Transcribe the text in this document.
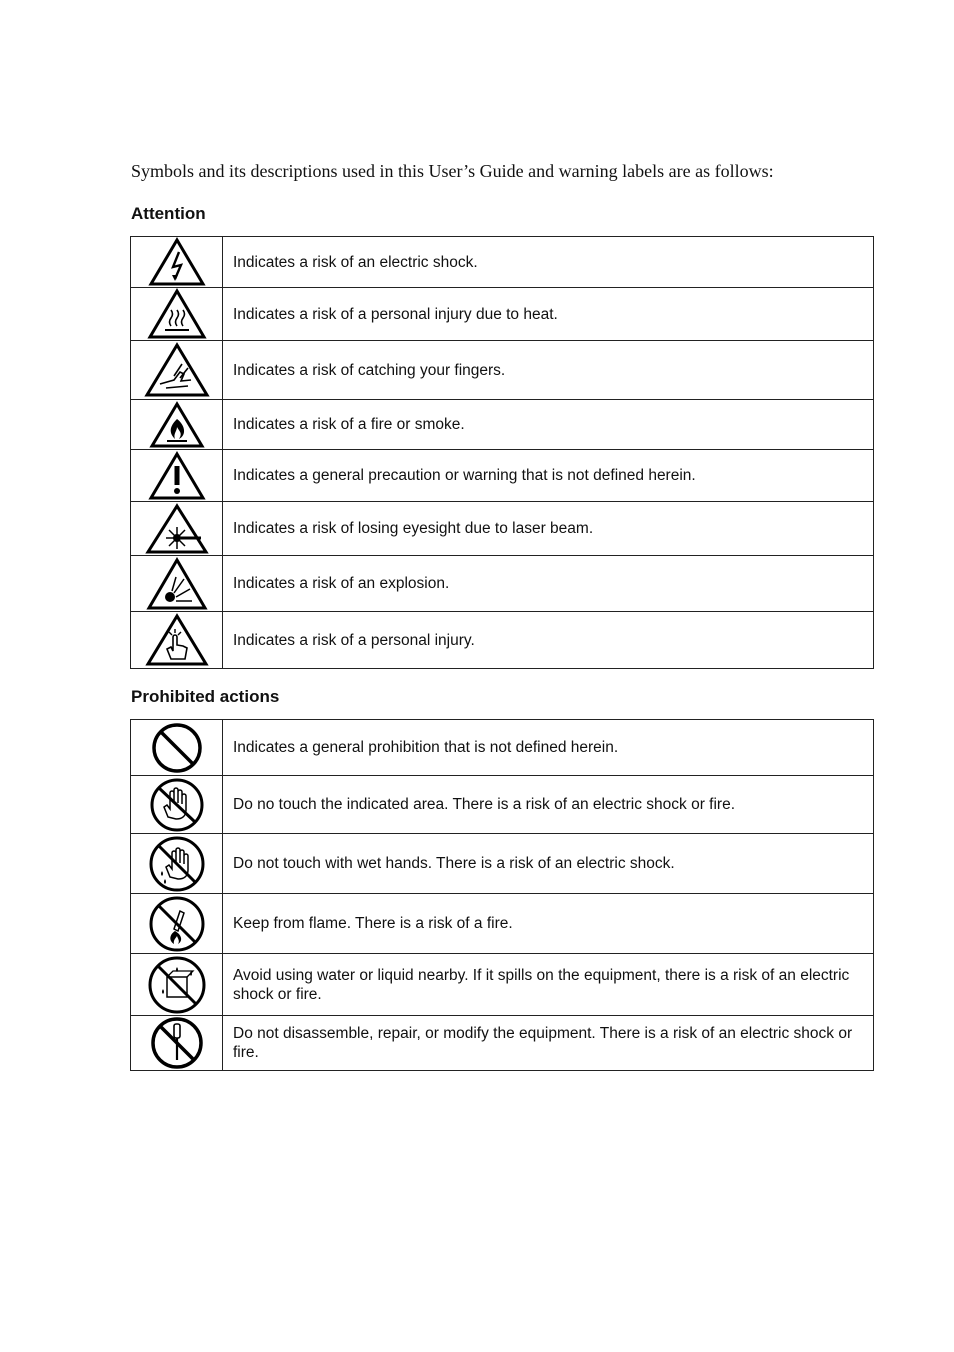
Symbols and its descriptions used in this User’s Guide and warning labels are as follows:
Attention
	Indicates a risk of an electric shock.

	Indicates a risk of a personal injury due to heat.

	Indicates a risk of catching your fingers.

	Indicates a risk of a fire or smoke.

	Indicates a general precaution or warning that is not defined herein.

	Indicates a risk of losing eyesight due to laser beam.

	Indicates a risk of an explosion.

	Indicates a risk of a personal injury.
Prohibited actions
	Indicates a general prohibition that is not defined herein.

	Do no touch the indicated area. There is a risk of an electric shock or fire.

	Do not touch with wet hands. There is a risk of an electric shock.

	Keep from flame. There is a risk of a fire.

	Avoid using water or liquid nearby. If it spills on the equipment, there is a risk of an electric shock or fire.

	Do not disassemble, repair, or modify the equipment. There is a risk of an electric shock or fire.
